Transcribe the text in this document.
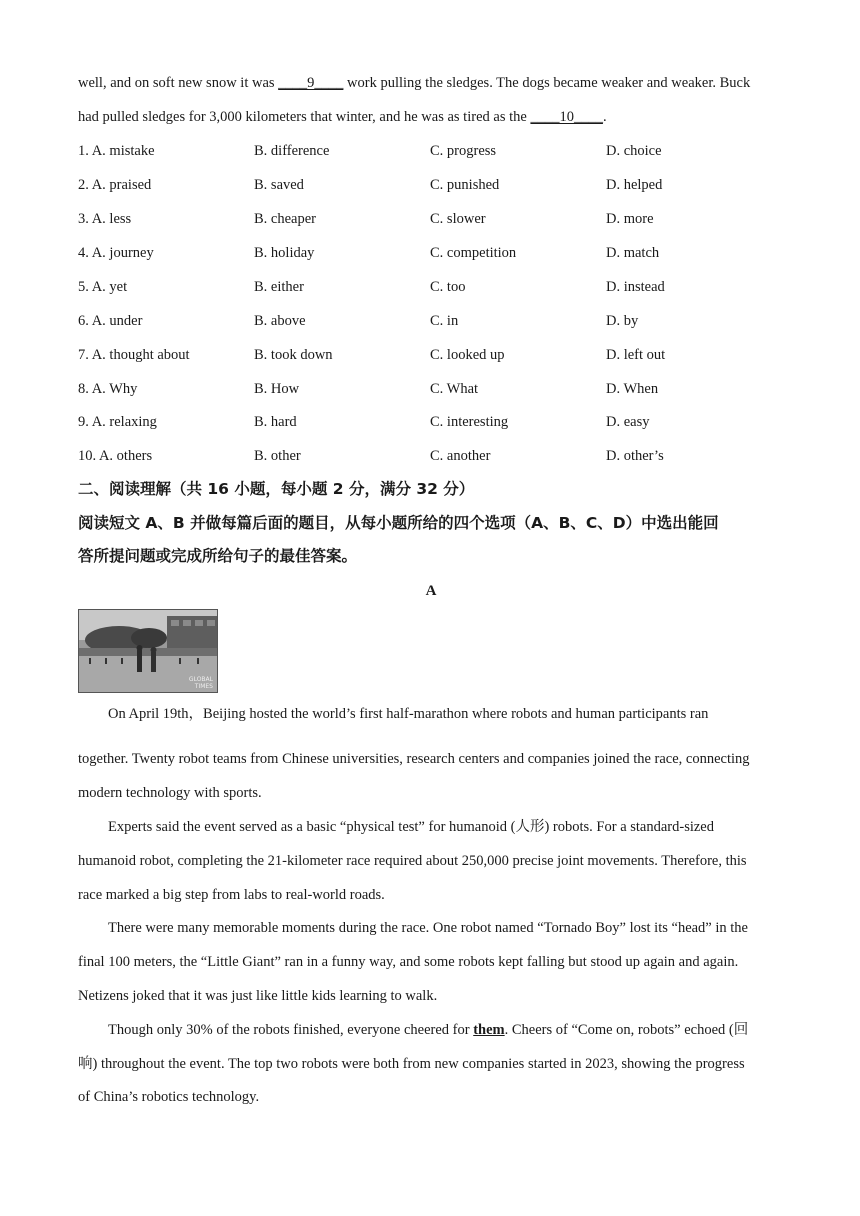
well, and on soft new snow it was ____9____ work pulling the sledges. The dogs became weaker and weaker. Buck
had pulled sledges for 3,000 kilometers that winter, and he was as tired as the ____10____.
1. A. mistake	B. difference	C. progress	D. choice
2. A. praised	B. saved	C. punished	D. helped
3. A. less	B. cheaper	C. slower	D. more
4. A. journey	B. holiday	C. competition	D. match
5. A. yet	B. either	C. too	D. instead
6. A. under	B. above	C. in	D. by
7. A. thought about	B. took down	C. looked up	D. left out
8. A. Why	B. How	C. What	D. When
9. A. relaxing	B. hard	C. interesting	D. easy
10. A. others	B. other	C. another	D. other’s
二、阅读理解（共 16 小题，每小题 2 分，满分 32 分）
阅读短文 A、B 并做每篇后面的题目，从每小题所给的四个选项（A、B、C、D）中选出能回
答所提问题或完成所给句子的最佳答案。
A
GLOBAL TIMES
On April 19th，Beijing hosted the world’s first half-marathon where robots and human participants ran
together. Twenty robot teams from Chinese universities, research centers and companies joined the race, connecting
modern technology with sports.
Experts said the event served as a basic “physical test” for humanoid (人形) robots. For a standard-sized
humanoid robot, completing the 21-kilometer race required about 250,000 precise joint movements. Therefore, this
race marked a big step from labs to real-world roads.
There were many memorable moments during the race. One robot named “Tornado Boy” lost its “head” in the
final 100 meters, the “Little Giant” ran in a funny way, and some robots kept falling but stood up again and again.
Netizens joked that it was just like little kids learning to walk.
Though only 30% of the robots finished, everyone cheered for them. Cheers of “Come on, robots” echoed (回
响) throughout the event. The top two robots were both from new companies started in 2023, showing the progress
of China’s robotics technology.
